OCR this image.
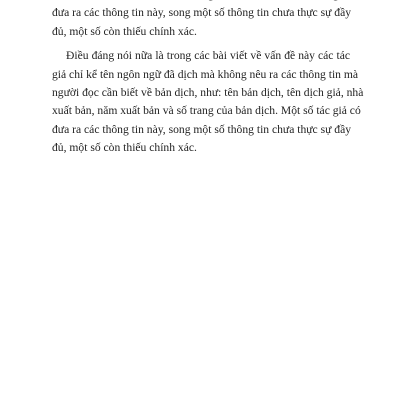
đưa ra các thông tin này, song một số thông tin chưa thực sự đầy
đủ, một số còn thiếu chính xác.
Điều đáng nói nữa là trong các bài viết về vấn đề này các tác
giả chỉ kể tên ngôn ngữ đã dịch mà không nêu ra các thông tin mà
người đọc cần biết về bản dịch, như: tên bản dịch, tên dịch giả, nhà
xuất bản, năm xuất bản và số trang của bản dịch. Một số tác giả có
đưa ra các thông tin này, song một số thông tin chưa thực sự đầy
đủ, một số còn thiếu chính xác.
